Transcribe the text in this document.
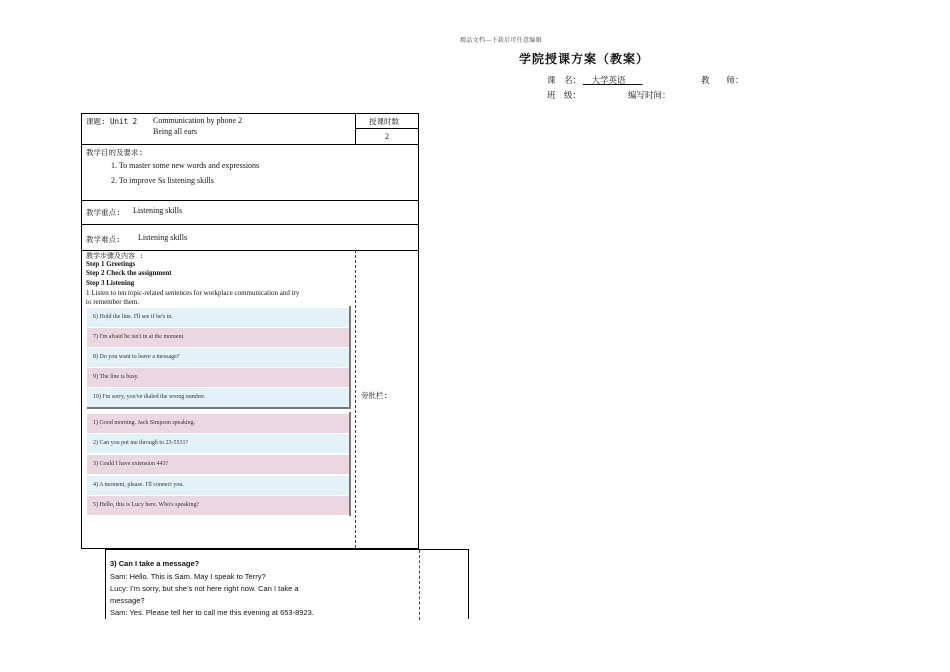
精品文档—下载后可任意编辑
学院授课方案（教案）
课　名： 　大学英语　　	教　　师：
班　级：	编写时间：
课题: Unit 2 Communication by phone 2
Being all ears
授课时数
2
教学目的及要求:
1. To master some new words and expressions
2. To improve Ss listening skills
教学重点: Listening skills
教学难点: Listening skills
教学步骤及内容 :
Step 1 Greetings
Step 2 Check the assignment
Step 3 Listening
1 Listen to ten topic-related sentences for workplace communication and try
to remember them.
旁批栏:
6) Hold the line. I'll see if he's in.
7) I'm afraid he isn't in at the moment.
8) Do you want to leave a message?
9) The line is busy.
10) I'm sorry, you've dialed the wrong number.
1) Good morning. Jack Simpson speaking.
2) Can you put me through to 23-5531?
3) Could I have extension 443?
4) A moment, please. I'll connect you.
5) Hello, this is Lucy here. Who's speaking?
3) Can I take a message?
Sam: Hello. This is Sam. May I speak to Terry?
Lucy: I’m sorry, but she’s not here right now. Can I take a
message?
Sam: Yes. Please tell her to call me this evening at 653-8923.
